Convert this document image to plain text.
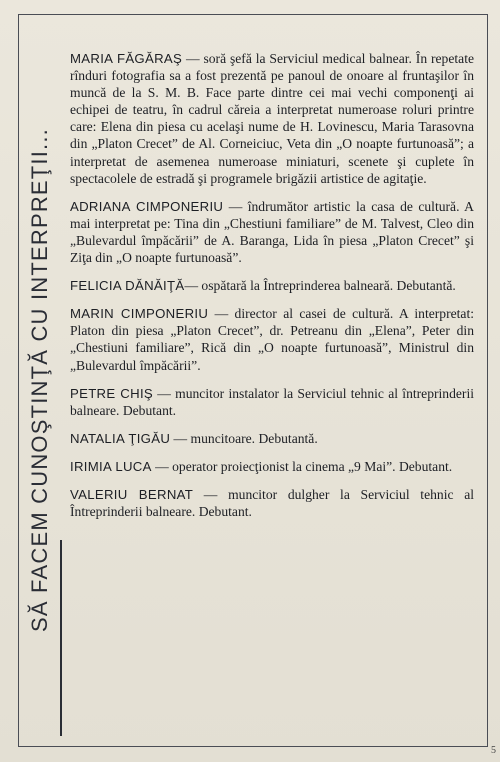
SĂ FACEM CUNOŞTINŢĂ CU INTERPREŢII...

MARIA FĂGĂRAŞ — soră şefă la Serviciul medical balnear. În repetate rînduri fotografia sa a fost prezentă pe panoul de onoare al fruntaşilor în muncă de la S. M. B. Face parte dintre cei mai vechi componenţi ai echipei de teatru, în cadrul căreia a interpretat numeroase roluri printre care: Elena din piesa cu acelaşi nume de H. Lovinescu, Maria Tarasovna din „Platon Crecet” de Al. Corneiciuc, Veta din „O noapte furtunoasă”; a interpretat de asemenea numeroase miniaturi, scenete şi cuplete în spectacolele de estradă şi programele brigăzii artistice de agitaţie.

ADRIANA CIMPONERIU — îndrumător artistic la casa de cultură. A mai interpretat pe: Tina din „Chestiuni familiare” de M. Talvest, Cleo din „Bulevardul împăcării” de A. Baranga, Lida în piesa „Platon Crecet” şi Ziţa din „O noapte furtunoasă”.

FELICIA DĂNĂIŢĂ— ospătară la Întreprinderea balneară. Debutantă.

MARIN CIMPONERIU — director al casei de cultură. A interpretat: Platon din piesa „Platon Crecet”, dr. Petreanu din „Elena”, Peter din „Chestiuni familiare”, Rică din „O noapte furtunoasă”, Ministrul din „Bulevardul împăcării”.

PETRE CHIŞ — muncitor instalator la Serviciul tehnic al întreprinderii balneare. Debutant.

NATALIA ŢIGĂU — muncitoare. Debutantă.

IRIMIA LUCA — operator proiecţionist la cinema „9 Mai”. Debutant.

VALERIU BERNAT — muncitor dulgher la Serviciul tehnic al Întreprinderii balneare. Debutant.

5
